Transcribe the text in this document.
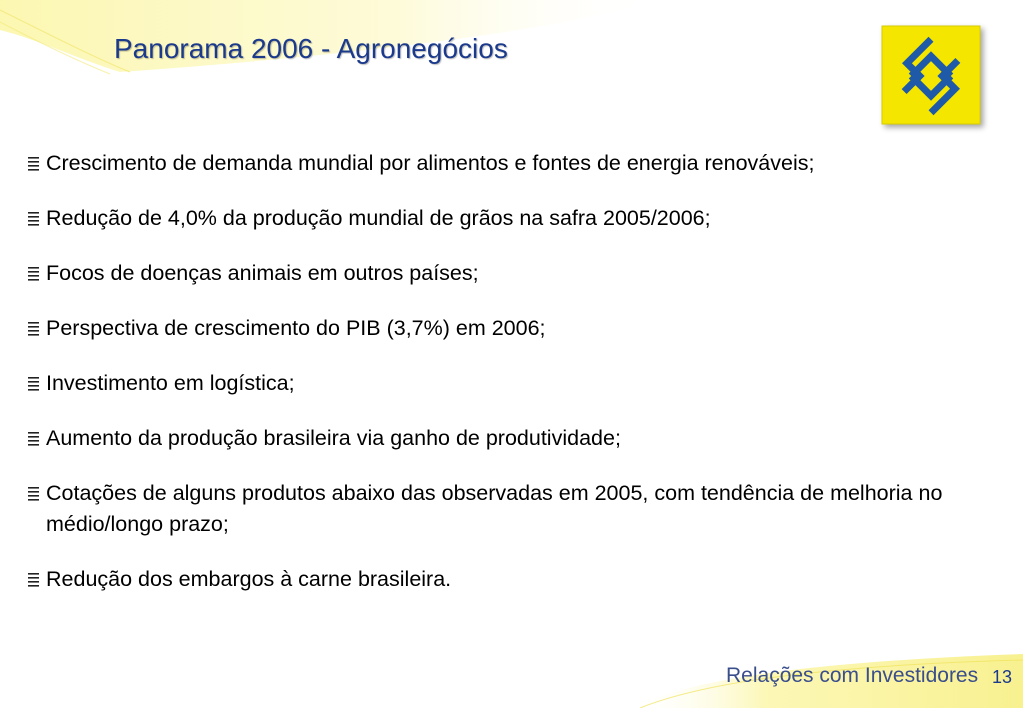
Panorama 2006 - Agronegócios
Crescimento de demanda mundial por alimentos e fontes de energia renováveis;
Redução de 4,0% da produção mundial de grãos na safra 2005/2006;
Focos de doenças animais em outros países;
Perspectiva de crescimento do PIB (3,7%) em 2006;
Investimento em logística;
Aumento da produção brasileira via ganho de produtividade;
Cotações de alguns produtos abaixo das observadas em 2005, com tendência de melhoria no médio/longo prazo;
Redução dos embargos à carne brasileira.
Relações com Investidores 13
